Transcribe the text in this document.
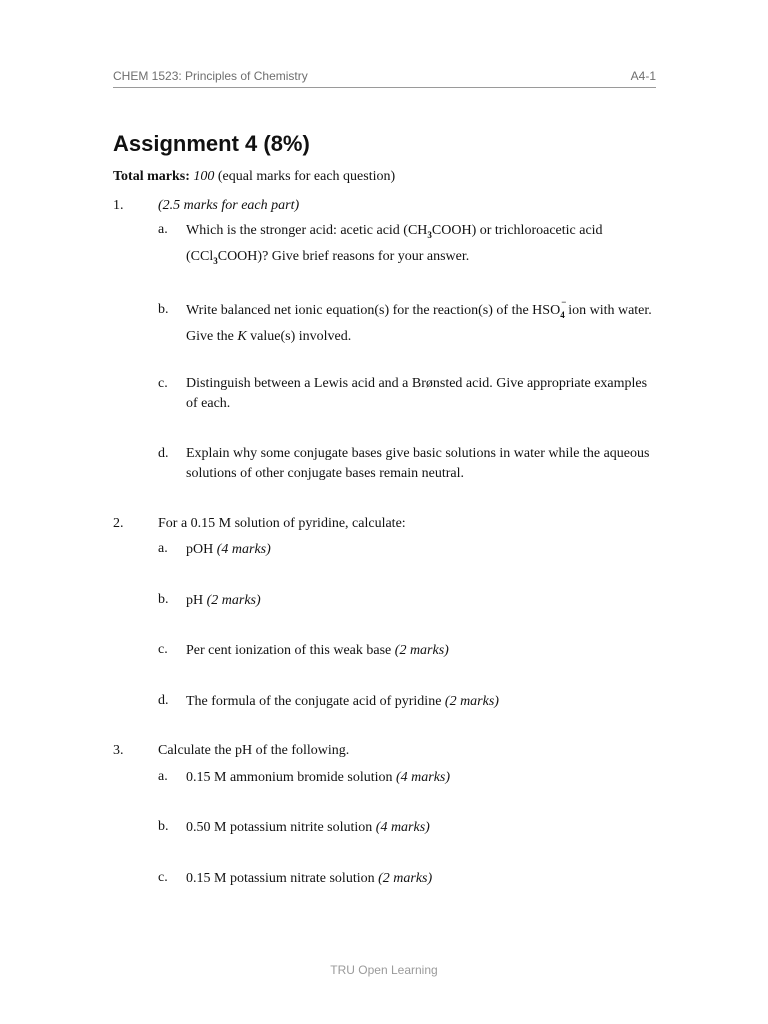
CHEM 1523: Principles of Chemistry	A4-1
Assignment 4 (8%)
Total marks: 100 (equal marks for each question)
1. (2.5 marks for each part)
a. Which is the stronger acid: acetic acid $(CH_3COOH)$ or trichloroacetic acid (CCl$_3$COOH)? Give brief reasons for your answer.
b. Write balanced net ionic equation(s) for the reaction(s) of the $HSO_4$
−
ion with water. Give the K value(s) involved.
c. Distinguish between a Lewis acid and a Brønsted acid. Give appropriate examples of each.
d. Explain why some conjugate bases give basic solutions in water while the aqueous solutions of other conjugate bases remain neutral.
2. For a 0.15 M solution of pyridine, calculate:
a. pOH (4 marks)
b. pH (2 marks)
c. Per cent ionization of this weak base (2 marks)
d. The formula of the conjugate acid of pyridine (2 marks)
3. Calculate the pH of the following.
a. 0.15 M ammonium bromide solution (4 marks)
b. 0.50 M potassium nitrite solution (4 marks)
c. 0.15 M potassium nitrate solution (2 marks)
TRU Open Learning
